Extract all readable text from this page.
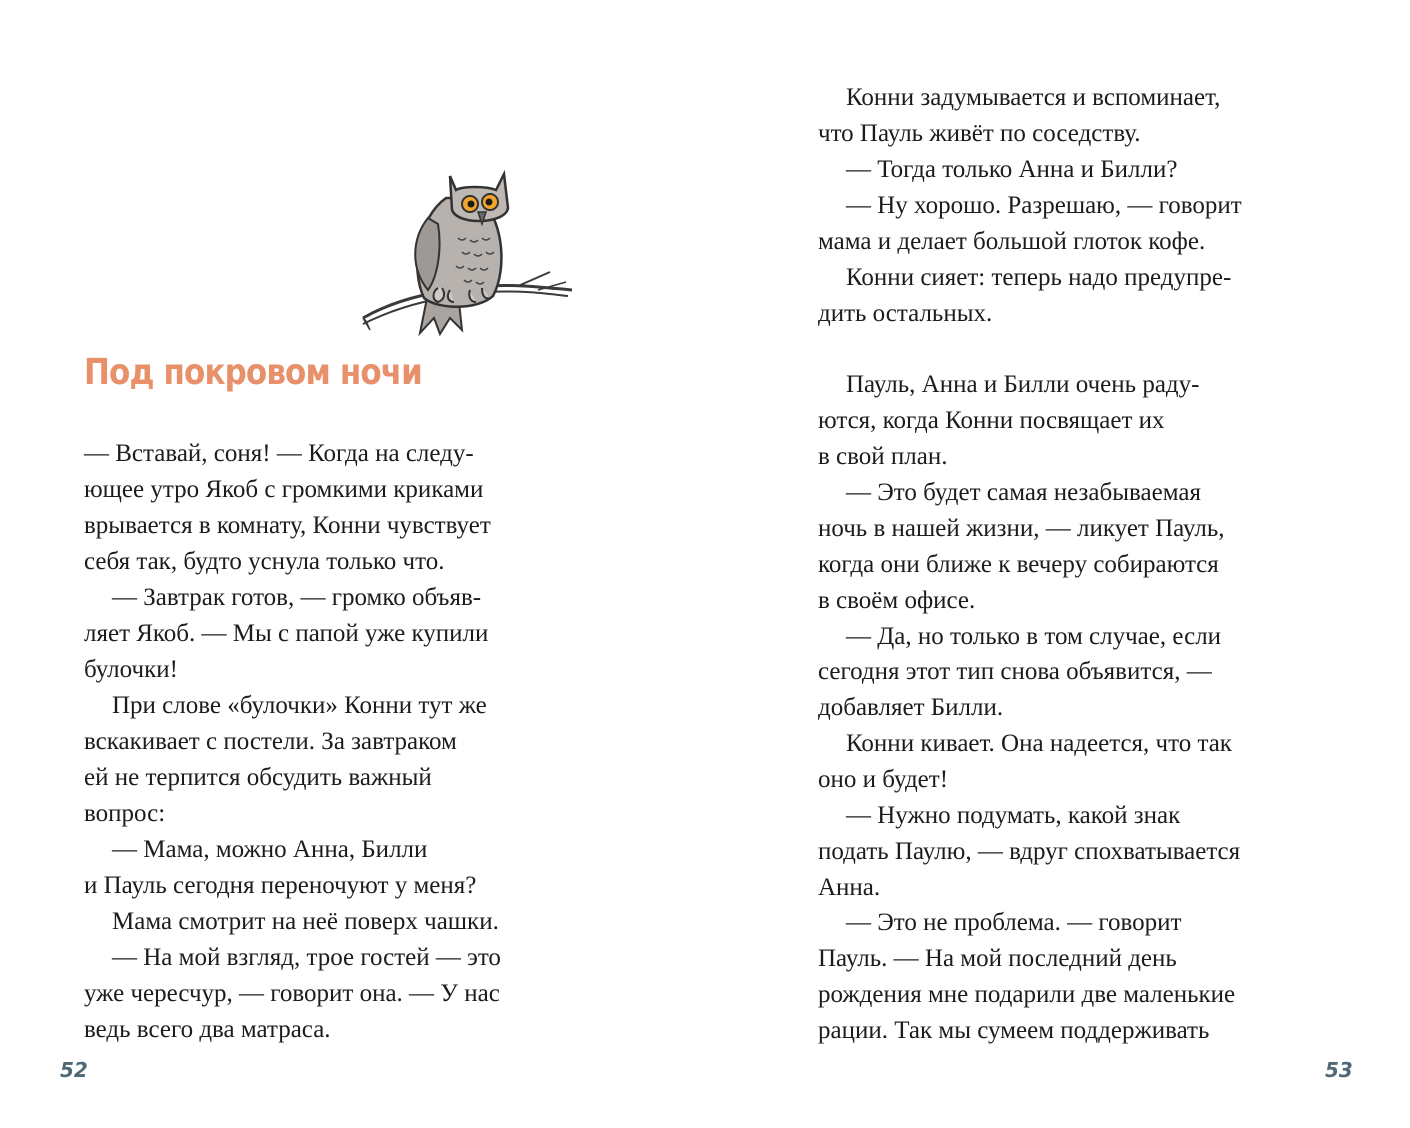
Под покровом ночи

— Вставай, соня! — Когда на следу-

ющее утро Якоб с громкими криками

врывается в комнату, Конни чувствует

себя так, будто уснула только что.

— Завтрак готов, — громко объяв-

ляет Якоб. — Мы с папой уже купили

булочки!

При слове «булочки» Конни тут же

вскакивает с постели. За завтраком

ей не терпится обсудить важный

вопрос:

— Мама, можно Анна, Билли

и Пауль сегодня переночуют у меня?

Мама смотрит на неё поверх чашки.

— На мой взгляд, трое гостей — это

уже чересчур, — говорит она. — У нас

ведь всего два матраса.

52

Конни задумывается и вспоминает,

что Пауль живёт по соседству.

— Тогда только Анна и Билли?

— Ну хорошо. Разрешаю, — говорит

мама и делает большой глоток кофе.

Конни сияет: теперь надо предупре-

дить остальных.

Пауль, Анна и Билли очень раду-

ются, когда Конни посвящает их

в свой план.

— Это будет самая незабываемая

ночь в нашей жизни, — ликует Пауль,

когда они ближе к вечеру собираются

в своём офисе.

— Да, но только в том случае, если

сегодня этот тип снова объявится, —

добавляет Билли.

Конни кивает. Она надеется, что так

оно и будет!

— Нужно подумать, какой знак

подать Паулю, — вдруг спохватывается

Анна.

— Это не проблема. — говорит

Пауль. — На мой последний день

рождения мне подарили две маленькие

рации. Так мы сумеем поддерживать

53
